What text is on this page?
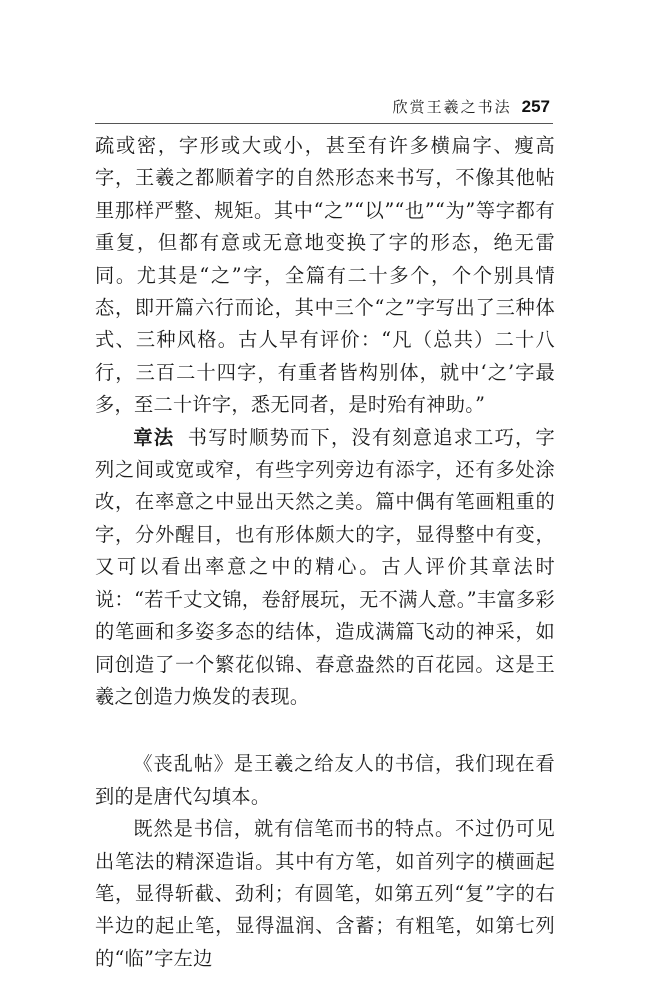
欣赏王羲之书法 257

疏或密，字形或大或小，甚至有许多横扁字、瘦高字，王羲之都顺着字的自然形态来书写，不像其他帖里那样严整、规矩。其中“之”“以”“也”“为”等字都有重复，但都有意或无意地变换了字的形态，绝无雷同。尤其是“之”字，全篇有二十多个，个个别具情态，即开篇六行而论，其中三个“之”字写出了三种体式、三种风格。古人早有评价：“凡（总共）二十八行，三百二十四字，有重者皆构别体，就中‘之’字最多，至二十许字，悉无同者，是时殆有神助。”

章法 书写时顺势而下，没有刻意追求工巧，字列之间或宽或窄，有些字列旁边有添字，还有多处涂改，在率意之中显出天然之美。篇中偶有笔画粗重的字，分外醒目，也有形体颇大的字，显得整中有变，又可以看出率意之中的精心。古人评价其章法时说：“若千丈文锦，卷舒展玩，无不满人意。”丰富多彩的笔画和多姿多态的结体，造成满篇飞动的神采，如同创造了一个繁花似锦、春意盎然的百花园。这是王羲之创造力焕发的表现。

《丧乱帖》是王羲之给友人的书信，我们现在看到的是唐代勾填本。

既然是书信，就有信笔而书的特点。不过仍可见出笔法的精深造诣。其中有方笔，如首列字的横画起笔，显得斩截、劲利；有圆笔，如第五列“复”字的右半边的起止笔，显得温润、含蓄；有粗笔，如第七列的“临”字左边
